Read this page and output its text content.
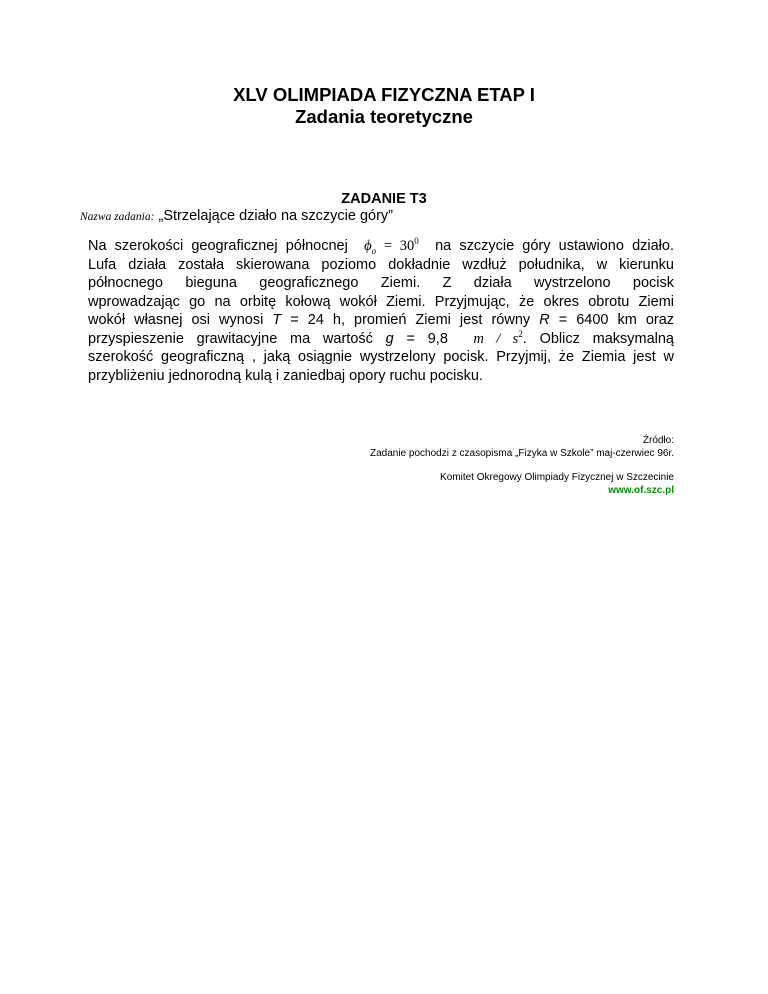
XLV OLIMPIADA FIZYCZNA ETAP I
Zadania teoretyczne
ZADANIE T3
Nazwa zadania: „Strzelające działo na szczycie góry”
Na szerokości geograficznej północnej $\phi_o = 30^0$ na szczycie góry ustawiono działo.
Lufa działa została skierowana poziomo dokładnie wzdłuż południka, w kierunku
północnego bieguna geograficznego Ziemi. Z działa wystrzelono pocisk
wprowadzając go na orbitę kołową wokół Ziemi. Przyjmując, że okres obrotu Ziemi
wokół własnej osi wynosi T = 24 h, promień Ziemi jest równy R = 6400 km oraz
przyspieszenie grawitacyjne ma wartość g = 9,8 m / $s^2$. Oblicz maksymalną
szerokość geograficzną , jaką osiągnie wystrzelony pocisk. Przyjmij, że Ziemia jest w
przybliżeniu jednorodną kulą i zaniedbaj opory ruchu pocisku.
Źródło:
Zadanie pochodzi z czasopisma „Fizyka w Szkole” maj-czerwiec 96r.
Komitet Okregowy Olimpiady Fizycznej w Szczecinie
www.of.szc.pl
